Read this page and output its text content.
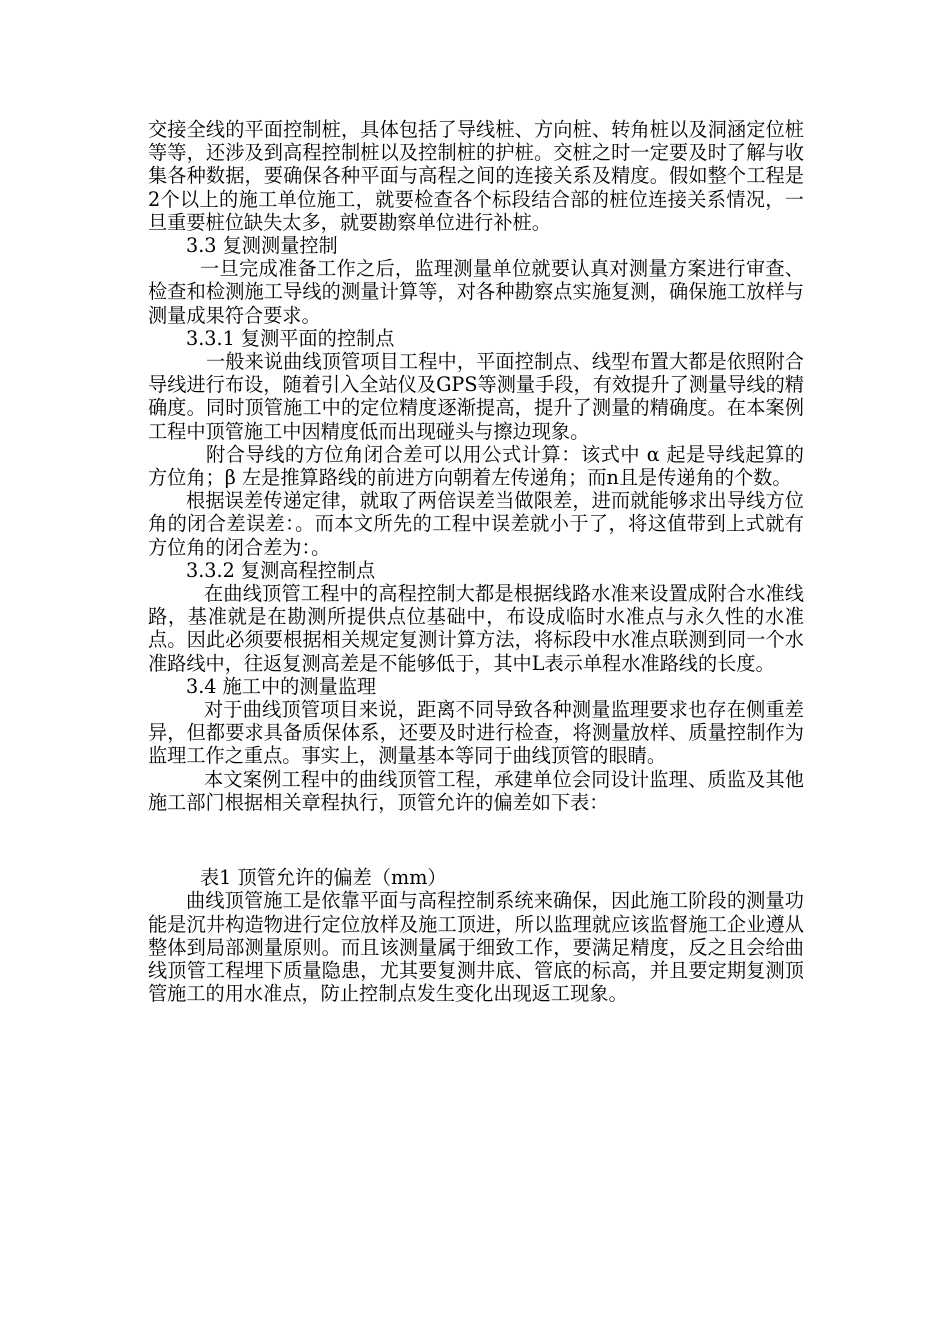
交接全线的平面控制桩，具体包括了导线桩、方向桩、转角桩以及洞涵定位桩等等，还涉及到高程控制桩以及控制桩的护桩。交桩之时一定要及时了解与收集各种数据，要确保各种平面与高程之间的连接关系及精度。假如整个工程是2个以上的施工单位施工，就要检查各个标段结合部的桩位连接关系情况，一旦重要桩位缺失太多，就要勘察单位进行补桩。

3.3 复测测量控制

一旦完成准备工作之后，监理测量单位就要认真对测量方案进行审查、检查和检测施工导线的测量计算等，对各种勘察点实施复测，确保施工放样与测量成果符合要求。

3.3.1 复测平面的控制点

一般来说曲线顶管项目工程中，平面控制点、线型布置大都是依照附合导线进行布设，随着引入全站仪及GPS等测量手段，有效提升了测量导线的精确度。同时顶管施工中的定位精度逐渐提高，提升了测量的精确度。在本案例工程中顶管施工中因精度低而出现碰头与擦边现象。

附合导线的方位角闭合差可以用公式计算：该式中 α 起是导线起算的方位角；β 左是推算路线的前进方向朝着左传递角；而n且是传递角的个数。

根据误差传递定律，就取了两倍误差当做限差，进而就能够求出导线方位角的闭合差误差：。而本文所先的工程中误差就小于了，将这值带到上式就有方位角的闭合差为：。

3.3.2 复测高程控制点

在曲线顶管工程中的高程控制大都是根据线路水准来设置成附合水准线路，基准就是在勘测所提供点位基础中，布设成临时水准点与永久性的水准点。因此必须要根据相关规定复测计算方法，将标段中水准点联测到同一个水准路线中，往返复测高差是不能够低于，其中L表示单程水准路线的长度。

3.4 施工中的测量监理

对于曲线顶管项目来说，距离不同导致各种测量监理要求也存在侧重差异，但都要求具备质保体系，还要及时进行检查，将测量放样、质量控制作为监理工作之重点。事实上，测量基本等同于曲线顶管的眼睛。

本文案例工程中的曲线顶管工程，承建单位会同设计监理、质监及其他施工部门根据相关章程执行，顶管允许的偏差如下表：

表1 顶管允许的偏差（mm）

曲线顶管施工是依靠平面与高程控制系统来确保，因此施工阶段的测量功能是沉井构造物进行定位放样及施工顶进，所以监理就应该监督施工企业遵从整体到局部测量原则。而且该测量属于细致工作，要满足精度，反之且会给曲线顶管工程埋下质量隐患，尤其要复测井底、管底的标高，并且要定期复测顶管施工的用水准点，防止控制点发生变化出现返工现象。
